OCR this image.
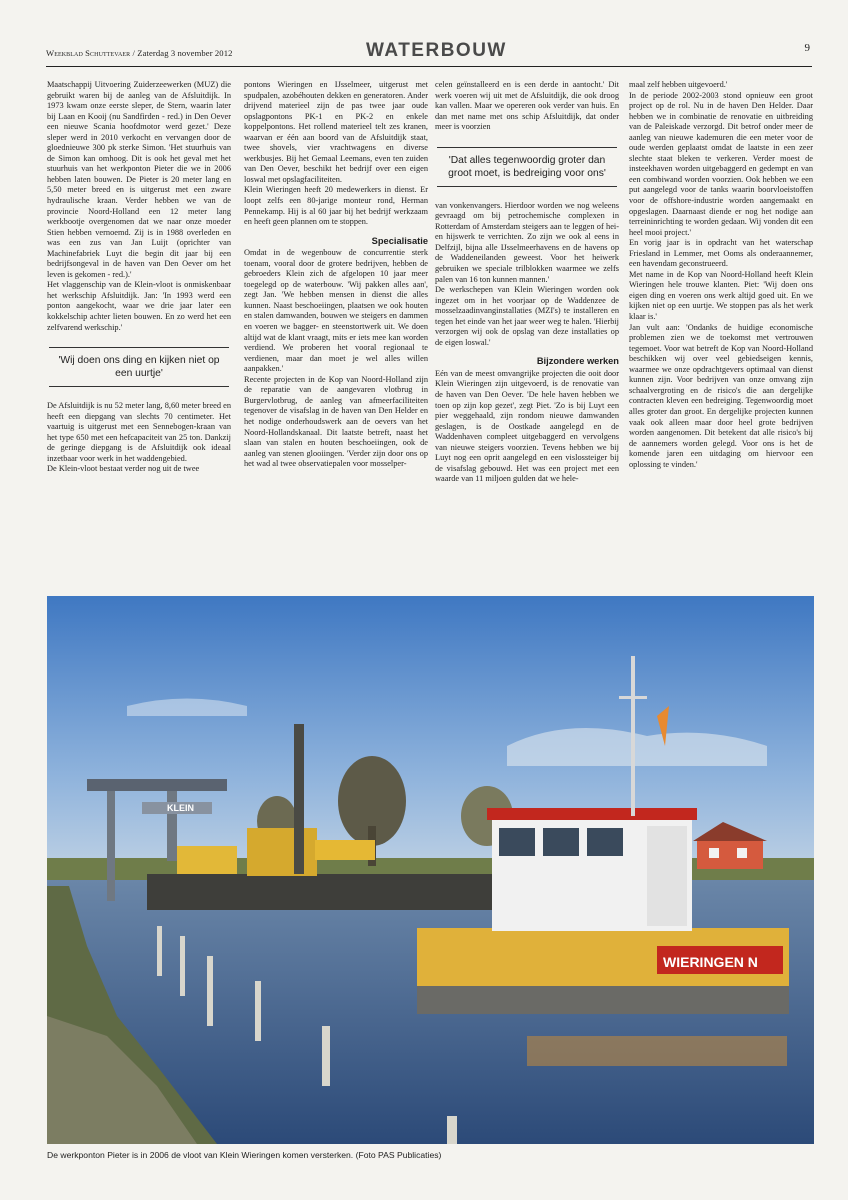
Weekblad Schuttevaer / Zaterdag 3 november 2012	WATERBOUW	9

Maatschappij Uitvoering Zuiderzeewerken (MUZ) die gebruikt waren bij de aanleg van de Afsluitdijk. In 1973 kwam onze eerste sleper, de Stern, waarin later bij Laan en Kooij (nu Sandfirden - red.) in Den Oever een nieuwe Scania hoofdmotor werd gezet.' Deze sleper werd in 2010 verkocht en vervangen door de gloednieuwe 300 pk sterke Simon. 'Het stuurhuis van de Simon kan omhoog. Dit is ook het geval met het stuurhuis van het werkponton Pieter die we in 2006 hebben laten bouwen. De Pieter is 20 meter lang en 5,50 meter breed en is uitgerust met een zware hydraulische kraan. Verder hebben we van de provincie Noord-Holland een 12 meter lang werkbootje overgenomen dat we naar onze moeder Stien hebben vernoemd. Zij is in 1988 overleden en was een zus van Jan Luijt (oprichter van Machinefabriek Luyt die begin dit jaar bij een bedrijfsongeval in de haven van Den Oever om het leven is gekomen - red.).'

Het vlaggenschip van de Klein-vloot is onmiskenbaar het werkschip Afsluitdijk. Jan: 'In 1993 werd een ponton aangekocht, waar we drie jaar later een kokkelschip achter lieten bouwen. En zo werd het een zelfvarend werkschip.'

'Wij doen ons ding en kijken niet op een uurtje'

De Afsluitdijk is nu 52 meter lang, 8,60 meter breed en heeft een diepgang van slechts 70 centimeter. Het vaartuig is uitgerust met een Sennebogen-kraan van het type 650 met een hefcapaciteit van 25 ton. Dankzij de geringe diepgang is de Afsluitdijk ook ideaal inzetbaar voor werk in het waddengebied.

De Klein-vloot bestaat verder nog uit de twee

pontons Wieringen en IJsselmeer, uitgerust met spudpalen, azobéhouten dekken en generatoren. Ander drijvend materieel zijn de pas twee jaar oude opslagpontons PK-1 en PK-2 en enkele koppelpontons. Het rollend materieel telt zes kranen, waarvan er één aan boord van de Afsluitdijk staat, twee shovels, vier vrachtwagens en diverse werkbusjes. Bij het Gemaal Leemans, even ten zuiden van Den Oever, beschikt het bedrijf over een eigen loswal met opslagfaciliteiten.

Klein Wieringen heeft 20 medewerkers in dienst. Er loopt zelfs een 80-jarige monteur rond, Herman Pennekamp. Hij is al 60 jaar bij het bedrijf werkzaam en heeft geen plannen om te stoppen.

Specialisatie

Omdat in de wegenbouw de concurrentie sterk toenam, vooral door de grotere bedrijven, hebben de gebroeders Klein zich de afgelopen 10 jaar meer toegelegd op de waterbouw. 'Wij pakken alles aan', zegt Jan. 'We hebben mensen in dienst die alles kunnen. Naast beschoeiingen, plaatsen we ook houten en stalen damwanden, bouwen we steigers en dammen en voeren we bagger- en steenstortwerk uit. We doen altijd wat de klant vraagt, mits er iets mee kan worden verdiend. We proberen het vooral regionaal te verdienen, maar dan moet je wel alles willen aanpakken.'

Recente projecten in de Kop van Noord-Holland zijn de reparatie van de aangevaren vlotbrug in Burgervlotbrug, de aanleg van afmeerfaciliteiten tegenover de visafslag in de haven van Den Helder en het nodige onderhoudswerk aan de oevers van het Noord-Hollandskanaal. Dit laatste betreft, naast het slaan van stalen en houten beschoeiingen, ook de aanleg van stenen glooiingen. 'Verder zijn door ons op het wad al twee observatiepalen voor mosselper-

celen geïnstalleerd en is een derde in aantocht.' Dit werk voeren wij uit met de Afsluitdijk, die ook droog kan vallen. Maar we opereren ook verder van huis. En dan met name met ons schip Afsluitdijk, dat onder meer is voorzien

'Dat alles tegenwoordig groter dan groot moet, is bedreiging voor ons'

van vonkenvangers. Hierdoor worden we nog weleens gevraagd om bij petrochemische complexen in Rotterdam of Amsterdam steigers aan te leggen of hei- en hijswerk te verrichten. Zo zijn we ook al eens in Delfzijl, bijna alle IJsselmeerhavens en de havens op de Waddeneilanden geweest. Voor het heiwerk gebruiken we speciale trilblokken waarmee we zelfs palen van 16 ton kunnen mannen.'

De werkschepen van Klein Wieringen worden ook ingezet om in het voorjaar op de Waddenzee de mosselzaadinvanginstallaties (MZI's) te installeren en tegen het einde van het jaar weer weg te halen. 'Hierbij verzorgen wij ook de opslag van deze installaties op de eigen loswal.'

Bijzondere werken

Eén van de meest omvangrijke projecten die ooit door Klein Wieringen zijn uitgevoerd, is de renovatie van de haven van Den Oever. 'De hele haven hebben we toen op zijn kop gezet', zegt Piet. 'Zo is bij Luyt een pier weggehaald, zijn rondom nieuwe damwanden geslagen, is de Oostkade aangelegd en de Waddenhaven compleet uitgebaggerd en vervolgens van nieuwe steigers voorzien. Tevens hebben we bij Luyt nog een oprit aangelegd en een vislossteiger bij de visafslag gebouwd. Het was een project met een waarde van 11 miljoen gulden dat we hele-

maal zelf hebben uitgevoerd.'

In de periode 2002-2003 stond opnieuw een groot project op de rol. Nu in de haven Den Helder. Daar hebben we in combinatie de renovatie en uitbreiding van de Paleiskade verzorgd. Dit betrof onder meer de aanleg van nieuwe kademuren die een meter voor de oude werden geplaatst omdat de laatste in een zeer slechte staat bleken te verkeren. Verder moest de insteekhaven worden uitgebaggerd en gedempt en van een combiwand worden voorzien. Ook hebben we een put aangelegd voor de tanks waarin boorvloeistoffen voor de offshore-industrie worden aangemaakt en opgeslagen. Daarnaast diende er nog het nodige aan terreininrichting te worden gedaan. Wij vonden dit een heel mooi project.'

En vorig jaar is in opdracht van het waterschap Friesland in Lemmer, met Ooms als onderaannemer, een havendam geconstrueerd.

Met name in de Kop van Noord-Holland heeft Klein Wieringen hele trouwe klanten. Piet: 'Wij doen ons eigen ding en voeren ons werk altijd goed uit. En we kijken niet op een uurtje. We stoppen pas als het werk klaar is.'

Jan vult aan: 'Ondanks de huidige economische problemen zien we de toekomst met vertrouwen tegemoet. Voor wat betreft de Kop van Noord-Holland beschikken wij over veel gebiedseigen kennis, waarmee we onze opdrachtgevers optimaal van dienst kunnen zijn. Voor bedrijven van onze omvang zijn schaalvergroting en de risico's die aan dergelijke contracten kleven een bedreiging. Tegenwoordig moet alles groter dan groot. En dergelijke projecten kunnen vaak ook alleen maar door heel grote bedrijven worden aangenomen. Dit betekent dat alle risico's bij de aannemers worden gelegd. Voor ons is het de komende jaren een uitdaging om hiervoor een oplossing te vinden.'

KLEIN
WIERINGEN N
De werkponton Pieter is in 2006 de vloot van Klein Wieringen komen versterken. (Foto PAS Publicaties)
